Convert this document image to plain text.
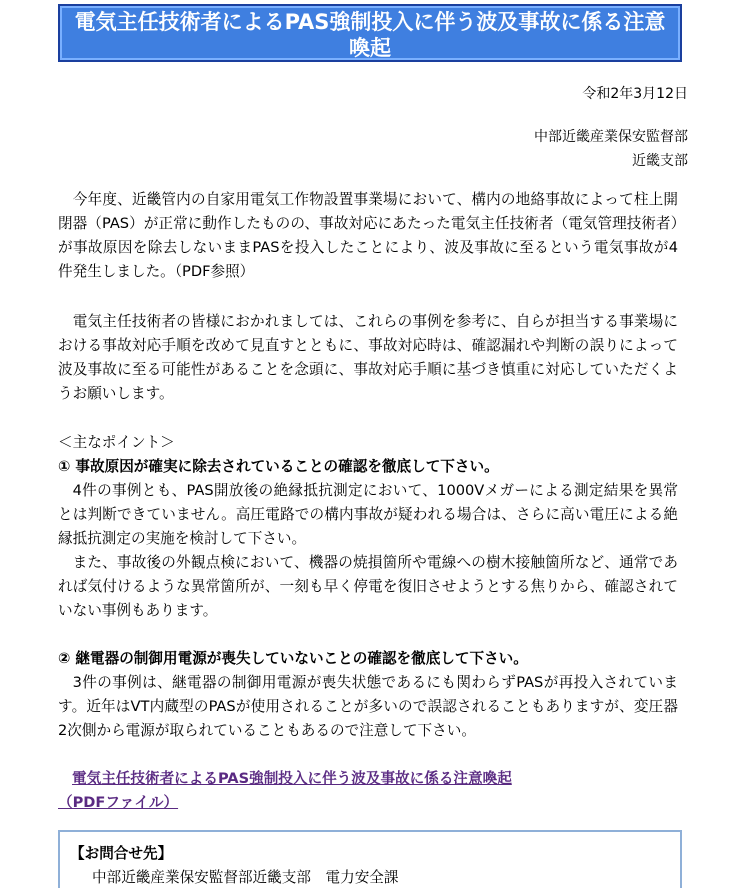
電気主任技術者によるPAS強制投入に伴う波及事故に係る注意喚起
令和2年3月12日
中部近畿産業保安監督部
近畿支部
　今年度、近畿管内の自家用電気工作物設置事業場において、構内の地絡事故によって柱上開閉器（PAS）が正常に動作したものの、事故対応にあたった電気主任技術者（電気管理技術者）が事故原因を除去しないままPASを投入したことにより、波及事故に至るという電気事故が4件発生しました。（PDF参照）
　電気主任技術者の皆様におかれましては、これらの事例を参考に、自らが担当する事業場における事故対応手順を改めて見直すとともに、事故対応時は、確認漏れや判断の誤りによって波及事故に至る可能性があることを念頭に、事故対応手順に基づき慎重に対応していただくようお願いします。
＜主なポイント＞
① 事故原因が確実に除去されていることの確認を徹底して下さい。
4件の事例とも、PAS開放後の絶縁抵抗測定において、1000Vメガーによる測定結果を異常とは判断できていません。高圧電路での構内事故が疑われる場合は、さらに高い電圧による絶縁抵抗測定の実施を検討して下さい。
また、事故後の外観点検において、機器の焼損箇所や電線への樹木接触箇所など、通常であれば気付けるような異常箇所が、一刻も早く停電を復旧させようとする焦りから、確認されていない事例もあります。
② 継電器の制御用電源が喪失していないことの確認を徹底して下さい。
3件の事例は、継電器の制御用電源が喪失状態であるにも関わらずPASが再投入されています。近年はVT内蔵型のPASが使用されることが多いので誤認されることもありますが、変圧器2次側から電源が取られていることもあるので注意して下さい。
電気主任技術者によるPAS強制投入に伴う波及事故に係る注意喚起
（PDFファイル）
【お問合せ先】
中部近畿産業保安監督部近畿支部　電力安全課
